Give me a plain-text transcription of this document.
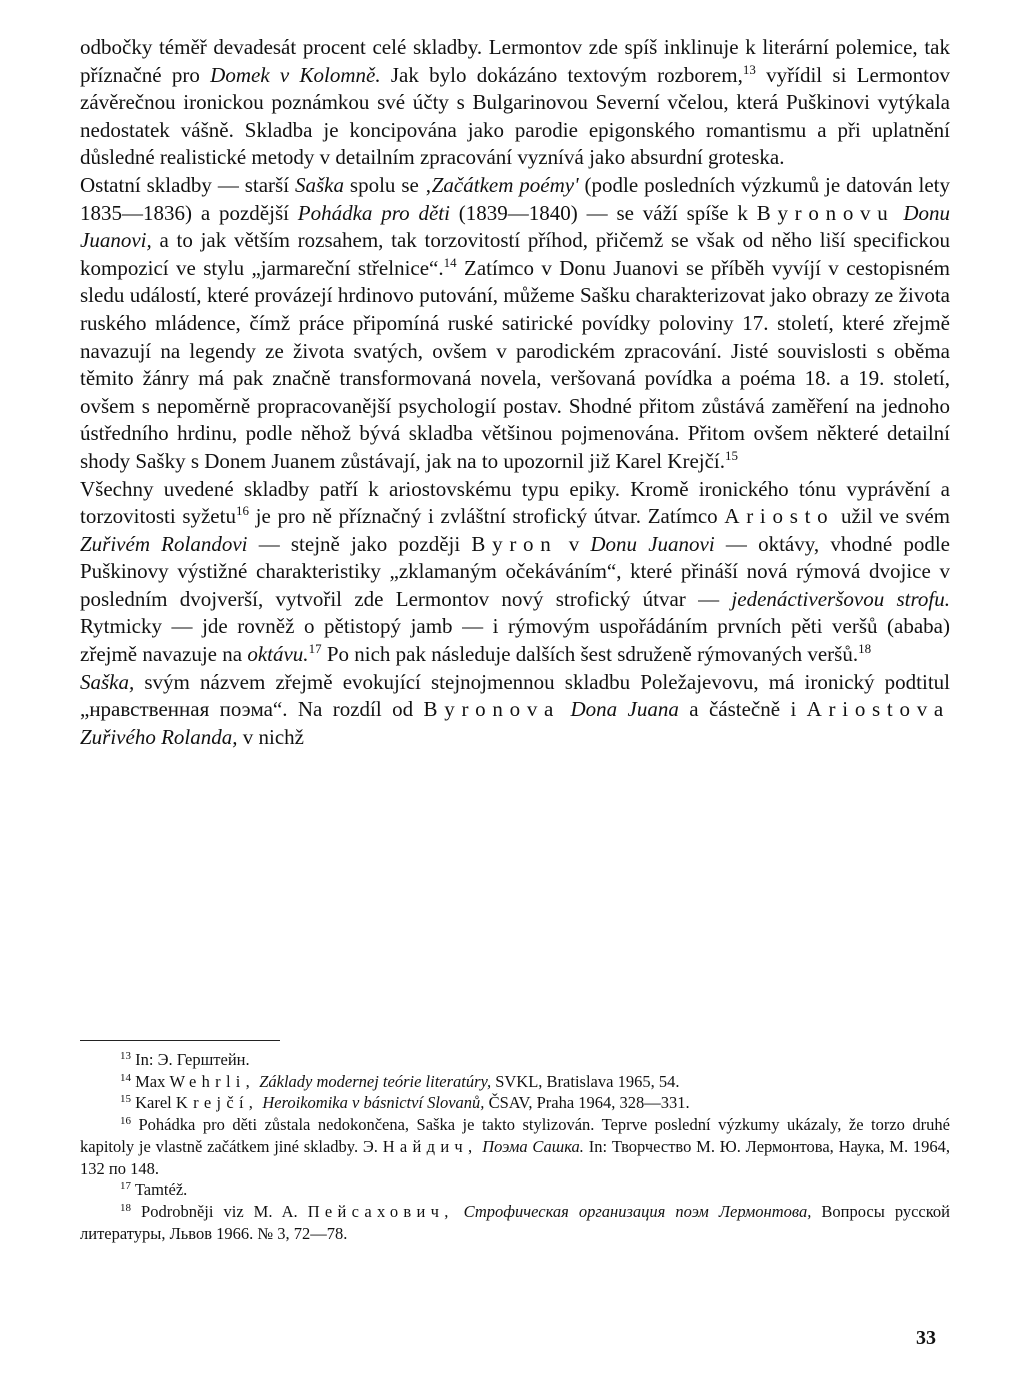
odbočky téměř devadesát procent celé skladby. Lermontov zde spíš inklinuje k literární polemice, tak příznačné pro Domek v Kolomně. Jak bylo dokázáno textovým rozborem,$^{13}$ vyřídil si Lermontov závěrečnou ironickou poznámkou své účty s Bulgarinovou Severní včelou, která Puškinovi vytýkala nedostatek vášně. Skladba je koncipována jako parodie epigonského romantismu a při uplatnění důsledné realistické metody v detailním zpracování vyznívá jako absurdní groteska.

Ostatní skladby — starší Saška spolu se ‚Začátkem poémy' (podle posledních výzkumů je datován lety 1835—1836) a pozdější Pohádka pro děti (1839—1840) — se váží spíše k Byronovu Donu Juanovi, a to jak větším rozsahem, tak torzovitostí příhod, přičemž se však od něho liší specifickou kompozicí ve stylu „jarmareční střelnice“.$^{14}$ Zatímco v Donu Juanovi se příběh vyvíjí v cestopisném sledu událostí, které provázejí hrdinovo putování, můžeme Sašku charakterizovat jako obrazy ze života ruského mládence, čímž práce připomíná ruské satirické povídky poloviny 17. století, které zřejmě navazují na legendy ze života svatých, ovšem v parodickém zpracování. Jisté souvislosti s oběma těmito žánry má pak značně transformovaná novela, veršovaná povídka a poéma 18. a 19. století, ovšem s nepoměrně propracovanější psychologií postav. Shodné přitom zůstává zaměření na jednoho ústředního hrdinu, podle něhož bývá skladba většinou pojmenována. Přitom ovšem některé detailní shody Sašky s Donem Juanem zůstávají, jak na to upozornil již Karel Krejčí.$^{15}$

Všechny uvedené skladby patří k ariostovskému typu epiky. Kromě ironického tónu vyprávění a torzovitosti syžetu$^{16}$ je pro ně příznačný i zvláštní strofický útvar. Zatímco Ariosto užil ve svém Zuřivém Rolandovi — stejně jako později Byron v Donu Juanovi — oktávy, vhodné podle Puškinovy výstižné charakteristiky „zklamaným očekáváním“, které přináší nová rýmová dvojice v posledním dvojverší, vytvořil zde Lermontov nový strofický útvar — jedenáctiveršovou strofu. Rytmicky — jde rovněž o pětistopý jamb — i rýmovým uspořádáním prvních pěti veršů (ababa) zřejmě navazuje na oktávu.$^{17}$ Po nich pak následuje dalších šest sdruženě rýmovaných veršů.$^{18}$

Saška, svým názvem zřejmě evokující stejnojmennou skladbu Poležajevovu, má ironický podtitul „нравственная поэма“. Na rozdíl od Byronova Dona Juana a částečně i Ariostova Zuřivého Rolanda, v nichž

$^{13}$ In: Э. Герштейн.

$^{14}$ Max Wehrli, Základy modernej teórie literatúry, SVKL, Bratislava 1965, 54.

$^{15}$ Karel Krejčí, Heroikomika v básnictví Slovanů, ČSAV, Praha 1964, 328—331.

$^{16}$ Pohádka pro děti zůstala nedokončena, Saška je takto stylizován. Teprve poslední výzkumy ukázaly, že torzo druhé kapitoly je vlastně začátkem jiné skladby. Э. Найдич, Поэма Сашка. In: Творчество М. Ю. Лермонтова, Наука, М. 1964, 132 по 148.

$^{17}$ Tamtéž.

$^{18}$ Podrobněji viz M. A. Пейсахович, Строфическая организация поэм Лермонтова, Вопросы русской литературы, Львов 1966. № 3, 72—78.

33
